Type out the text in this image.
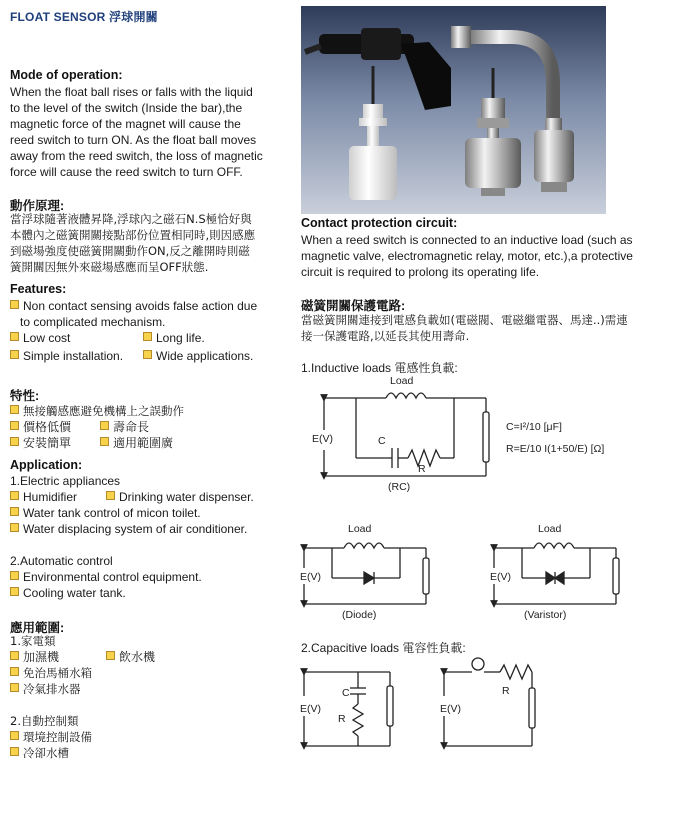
FLOAT SENSOR 浮球開關
Mode of operation:
When the float ball rises or falls with the liquid
to the level of the switch (Inside the bar),the
magnetic force of the magnet will cause the
reed switch to turn ON. As the float ball moves
away from the reed switch, the loss of magnetic
force will cause the reed switch to turn OFF.
動作原理:
當浮球隨著液體昇降,浮球內之磁石N.S極恰好與
本體內之磁簧開關接點部份位置相同時,則因感應
到磁場強度使磁簧開關動作ON,反之離開時則磁
簧開關因無外來磁場感應而呈OFF狀態.
Features:
Non contact sensing avoids false action due
to complicated mechanism.
Low cost	Long life.
Simple installation.	Wide applications.
特性:
無接觸感應避免機構上之誤動作
價格低價	壽命長
安裝簡單	適用範圍廣
Application:
1.Electric appliances
Humidifier	Drinking water dispenser.
Water tank control of micon toilet.
Water displacing system of air conditioner.
2.Automatic control
Environmental control equipment.
Cooling water tank.
應用範圍:
1.家電類
加濕機	飲水機
免治馬桶水箱
冷氣排水器
2.自動控制類
環境控制設備
冷卻水槽
Contact protection circuit:
When a reed switch is connected to an inductive load (such as
magnetic valve, electromagnetic relay, motor, etc.),a protective
circuit is required to prolong its operating life.
磁簧開關保護電路:
當磁簧開關連接到電感負載如(電磁閥、電磁繼電器、馬達..)需連
接一保護電路,以延長其使用壽命.
1.Inductive loads 電感性負載:
Load
C
R
E(V)
(RC)
C=I²/10 [μF]
R=E/10 I(1+50/E) [Ω]
Load
E(V)
(Diode)
Load
E(V)
(Varistor)
C
R
E(V)
R
E(V)
2.Capacitive loads 電容性負載:
